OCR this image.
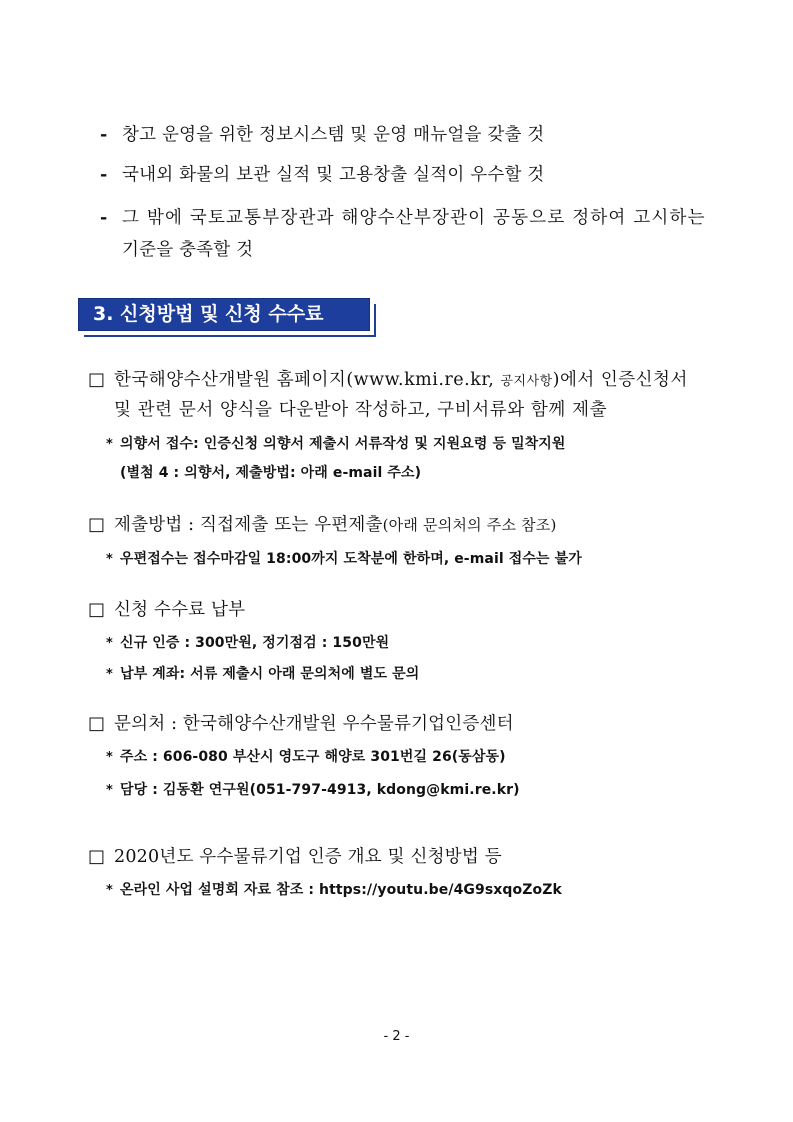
- 창고 운영을 위한 정보시스템 및 운영 매뉴얼을 갖출 것
- 국내외 화물의 보관 실적 및 고용창출 실적이 우수할 것
- 그 밖에 국토교통부장관과 해양수산부장관이 공동으로 정하여 고시하는
기준을 충족할 것
3. 신청방법 및 신청 수수료
□ 한국해양수산개발원 홈페이지(www.kmi.re.kr, 공지사항)에서 인증신청서
및 관련 문서 양식을 다운받아 작성하고, 구비서류와 함께 제출
* 의향서 접수: 인증신청 의향서 제출시 서류작성 및 지원요령 등 밀착지원
(별첨 4 : 의향서, 제출방법: 아래 e-mail 주소)
□ 제출방법 : 직접제출 또는 우편제출(아래 문의처의 주소 참조)
* 우편접수는 접수마감일 18:00까지 도착분에 한하며, e-mail 접수는 불가
□ 신청 수수료 납부
* 신규 인증 : 300만원, 정기점검 : 150만원
* 납부 계좌: 서류 제출시 아래 문의처에 별도 문의
□ 문의처 : 한국해양수산개발원 우수물류기업인증센터
* 주소 : 606-080 부산시 영도구 해양로 301번길 26(동삼동)
* 담당 : 김동환 연구원(051-797-4913, kdong@kmi.re.kr)
□ 2020년도 우수물류기업 인증 개요 및 신청방법 등
* 온라인 사업 설명회 자료 참조 : https://youtu.be/4G9sxqoZoZk
- 2 -
